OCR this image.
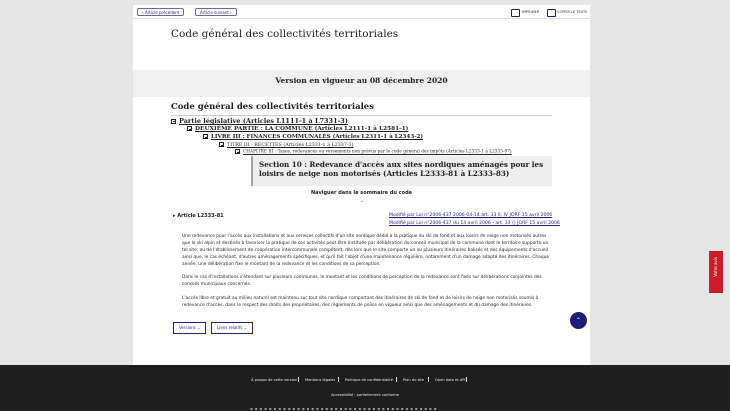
‹ Article précédent	Article suivant ›	IMPRIMER	COPIER LE TEXTE
Code général des collectivités territoriales
Version en vigueur au 08 décembre 2020
Code général des collectivités territoriales
Partie législative (Articles L1111-1 à L7331-3)
DEUXIÈME PARTIE : LA COMMUNE (Articles L2111-1 à L2581-1)
LIVRE III : FINANCES COMMUNALES (Articles L2311-1 à L2343-2)
TITRE III : RECETTES (Articles L2331-1 à L2337-3)
CHAPITRE III : Taxes, redevances ou versements non prévus par le code général des impôts (Articles L2333-1 à L2333-97)
Section 10 : Redevance d'accès aux sites nordiques aménagés pour les loisirs de neige non motorisés (Articles L2333-81 à L2333-83)
Naviguer dans le sommaire du code
⌄
▸ Article L2333-81	Modifié par Loi n°2006-437 2006-04-14 art. 33 II, IV JORF 15 avril 2006
Modifié par Loi n°2006-437 du 14 avril 2006 - art. 33 () JORF 15 avril 2006
Une redevance pour l'accès aux installations et aux services collectifs d'un site nordique dédié à la pratique du ski de fond et aux loisirs de neige non motorisés autres que le ski alpin et destinés à favoriser la pratique de ces activités peut être instituée par délibération du conseil municipal de la commune dont le territoire supporte un tel site, ou de l'établissement de coopération intercommunale compétent, dès lors que le site comporte un ou plusieurs itinéraires balisés et des équipements d'accueil ainsi que, le cas échéant, d'autres aménagements spécifiques, et qu'il fait l'objet d'une maintenance régulière, notamment d'un damage adapté des itinéraires. Chaque année, une délibération fixe le montant de la redevance et les conditions de sa perception.
Dans le cas d'installations s'étendant sur plusieurs communes, le montant et les conditions de perception de la redevance sont fixés sur délibérations conjointes des conseils municipaux concernés.
L'accès libre et gratuit au milieu naturel est maintenu sur tout site nordique comportant des itinéraires de ski de fond et de loisirs de neige non motorisés soumis à redevance d'accès, dans le respect des droits des propriétaires, des règlements de police en vigueur ainsi que des aménagements et du damage des itinéraires.
Versions ⌄	Liens relatifs ⌄
⌃
Votre avis
À propos de cette version Mentions légales	Politique de confidentialité	Plan du site	Open data et API
Accessibilité : partiellement conforme
▪▪▪▪▪▪▪▪▪▪▪▪▪▪▪▪▪▪▪▪▪▪▪▪▪▪▪▪▪▪▪▪▪▪▪▪▪▪▪▪
